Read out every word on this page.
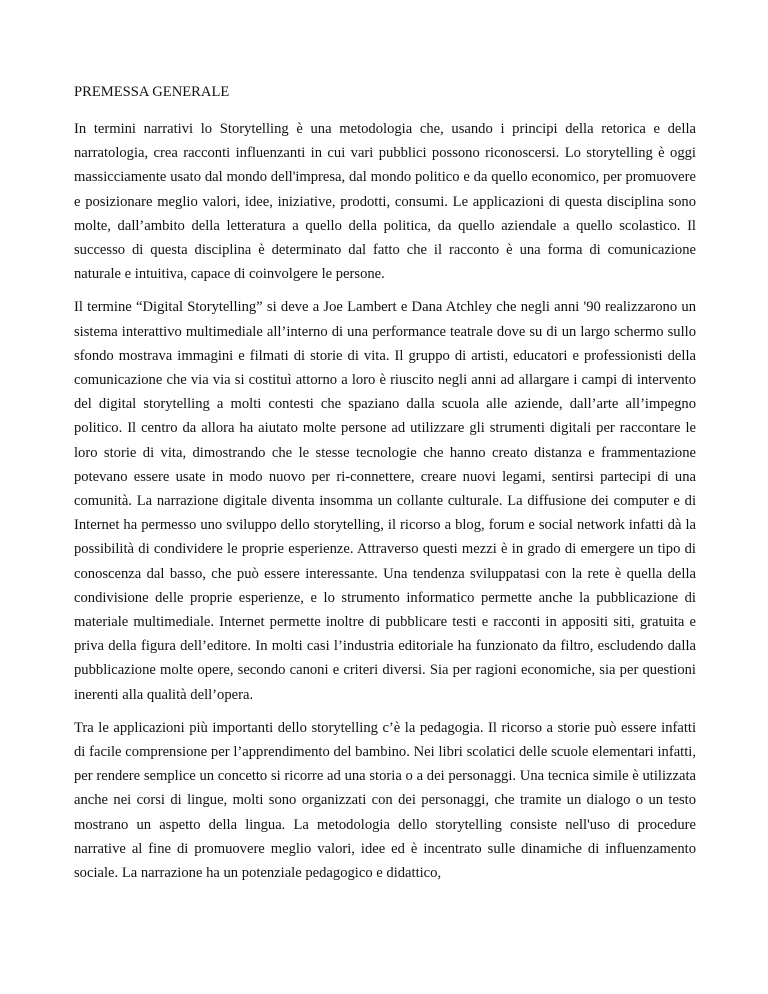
PREMESSA GENERALE

In termini narrativi lo Storytelling è una metodologia che, usando i principi della retorica e della narratologia, crea racconti influenzanti in cui vari pubblici possono riconoscersi. Lo storytelling è oggi massicciamente usato dal mondo dell'impresa, dal mondo politico e da quello economico, per promuovere e posizionare meglio valori, idee, iniziative, prodotti, consumi. Le applicazioni di questa disciplina sono molte, dall’ambito della letteratura a quello della politica, da quello aziendale a quello scolastico. Il successo di questa disciplina è determinato dal fatto che il racconto è una forma di comunicazione naturale e intuitiva, capace di coinvolgere le persone.

Il termine “Digital Storytelling” si deve a Joe Lambert e Dana Atchley che negli anni '90 realizzarono un sistema interattivo multimediale all’interno di una performance teatrale dove su di un largo schermo sullo sfondo mostrava immagini e filmati di storie di vita. Il gruppo di artisti, educatori e professionisti della comunicazione che via via si costituì attorno a loro è riuscito negli anni ad allargare i campi di intervento del digital storytelling a molti contesti che spaziano dalla scuola alle aziende, dall’arte all’impegno politico. Il centro da allora ha aiutato molte persone ad utilizzare gli strumenti digitali per raccontare le loro storie di vita, dimostrando che le stesse tecnologie che hanno creato distanza e frammentazione potevano essere usate in modo nuovo per ri-connettere, creare nuovi legami, sentirsi partecipi di una comunità. La narrazione digitale diventa insomma un collante culturale. La diffusione dei computer e di Internet ha permesso uno sviluppo dello storytelling, il ricorso a blog, forum e social network infatti dà la possibilità di condividere le proprie esperienze. Attraverso questi mezzi è in grado di emergere un tipo di conoscenza dal basso, che può essere interessante. Una tendenza sviluppatasi con la rete è quella della condivisione delle proprie esperienze, e lo strumento informatico permette anche la pubblicazione di materiale multimediale. Internet permette inoltre di pubblicare testi e racconti in appositi siti, gratuita e priva della figura dell’editore. In molti casi l’industria editoriale ha funzionato da filtro, escludendo dalla pubblicazione molte opere, secondo canoni e criteri diversi. Sia per ragioni economiche, sia per questioni inerenti alla qualità dell’opera.

Tra le applicazioni più importanti dello storytelling c’è la pedagogia. Il ricorso a storie può essere infatti di facile comprensione per l’apprendimento del bambino. Nei libri scolatici delle scuole elementari infatti, per rendere semplice un concetto si ricorre ad una storia o a dei personaggi. Una tecnica simile è utilizzata anche nei corsi di lingue, molti sono organizzati con dei personaggi, che tramite un dialogo o un testo mostrano un aspetto della lingua. La metodologia dello storytelling consiste nell'uso di procedure narrative al fine di promuovere meglio valori, idee ed è incentrato sulle dinamiche di influenzamento sociale. La narrazione ha un potenziale pedagogico e didattico,
